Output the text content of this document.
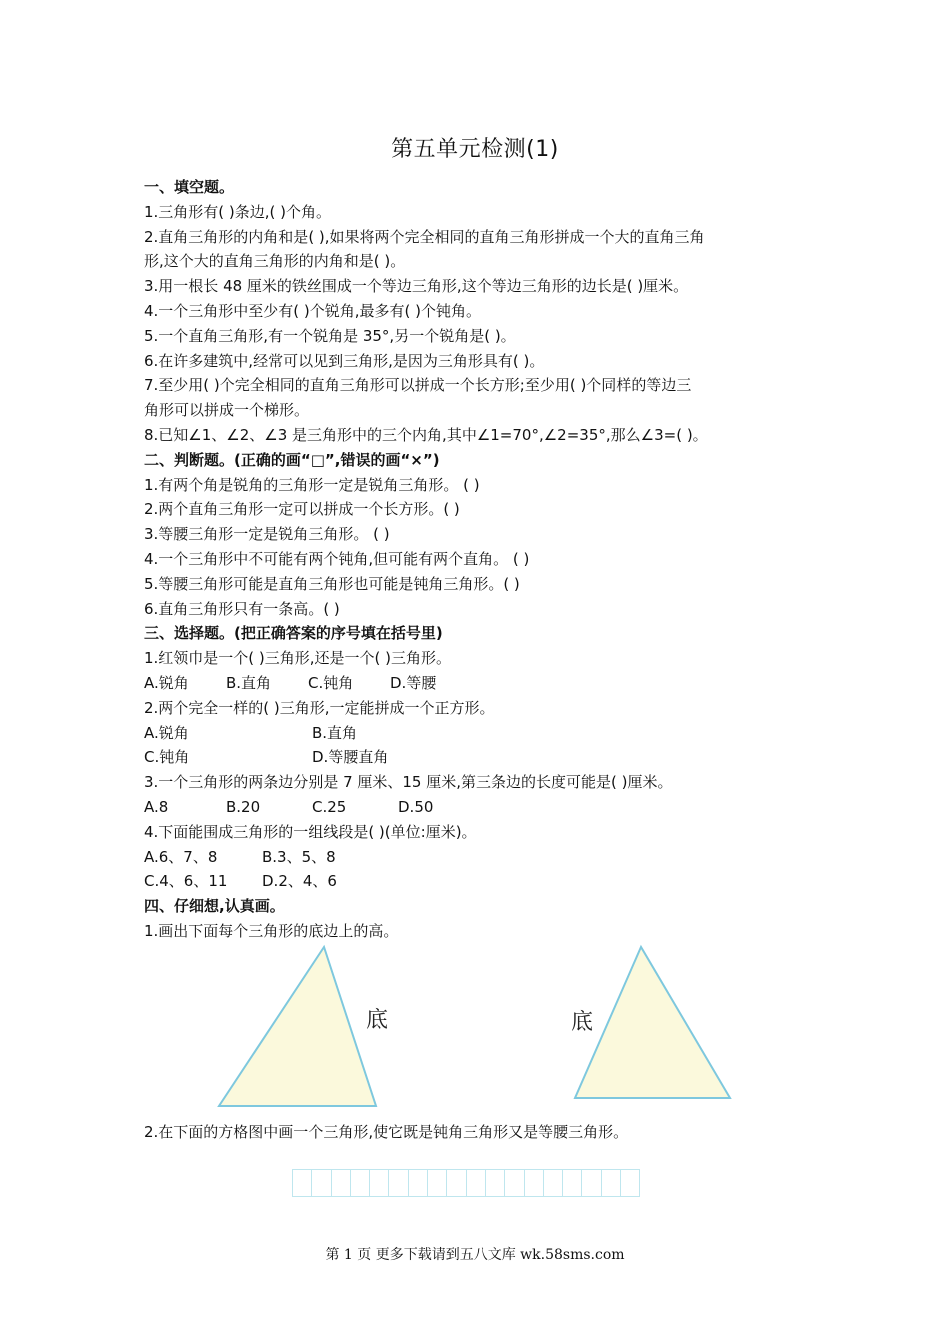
第五单元检测(1)
一、填空题。
1.三角形有( )条边,( )个角。
2.直角三角形的内角和是( ),如果将两个完全相同的直角三角形拼成一个大的直角三角
形,这个大的直角三角形的内角和是( )。
3.用一根长 48 厘米的铁丝围成一个等边三角形,这个等边三角形的边长是( )厘米。
4.一个三角形中至少有( )个锐角,最多有( )个钝角。
5.一个直角三角形,有一个锐角是 35°,另一个锐角是( )。
6.在许多建筑中,经常可以见到三角形,是因为三角形具有( )。
7.至少用( )个完全相同的直角三角形可以拼成一个长方形;至少用( )个同样的等边三
角形可以拼成一个梯形。
8.已知∠1、∠2、∠3 是三角形中的三个内角,其中∠1=70°,∠2=35°,那么∠3=( )。
二、判断题。(正确的画“□”,错误的画“×”)
1.有两个角是锐角的三角形一定是锐角三角形。 ( )
2.两个直角三角形一定可以拼成一个长方形。( )
3.等腰三角形一定是锐角三角形。 ( )
4.一个三角形中不可能有两个钝角,但可能有两个直角。 ( )
5.等腰三角形可能是直角三角形也可能是钝角三角形。( )
6.直角三角形只有一条高。( )
三、选择题。(把正确答案的序号填在括号里)
1.红领巾是一个( )三角形,还是一个( )三角形。
A.锐角	B.直角	C.钝角	D.等腰
2.两个完全一样的( )三角形,一定能拼成一个正方形。
A.锐角	B.直角
C.钝角	D.等腰直角
3.一个三角形的两条边分别是 7 厘米、15 厘米,第三条边的长度可能是( )厘米。
A.8	B.20	C.25	D.50
4.下面能围成三角形的一组线段是( )(单位:厘米)。
A.6、7、8	B.3、5、8
C.4、6、11	D.2、4、6
四、仔细想,认真画。
1.画出下面每个三角形的底边上的高。
底	底
2.在下面的方格图中画一个三角形,使它既是钝角三角形又是等腰三角形。
第 1 页 更多下载请到五八文库 wk.58sms.com
